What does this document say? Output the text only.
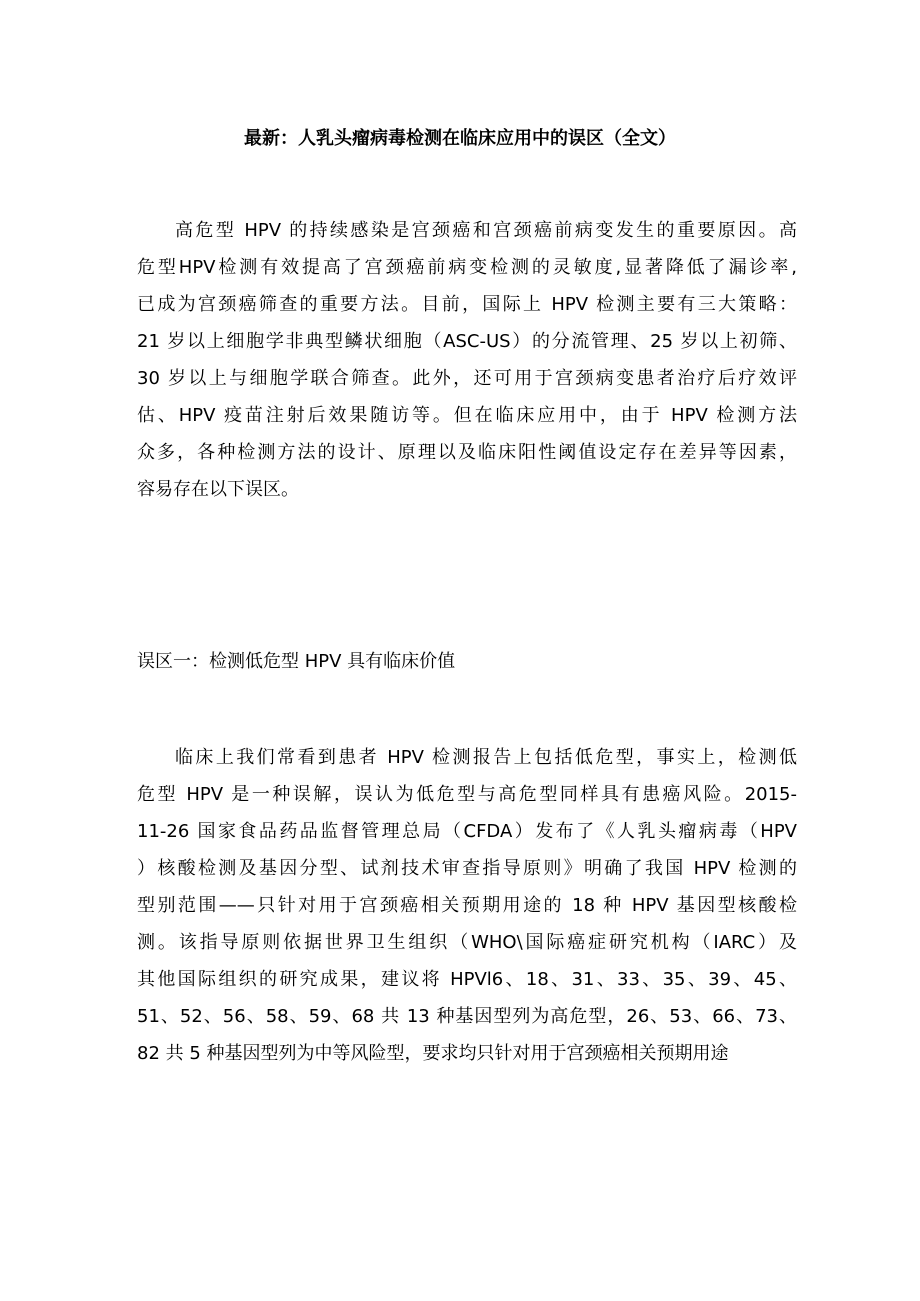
最新：人乳头瘤病毒检测在临床应用中的误区（全文）
高危型 HPV 的持续感染是宫颈癌和宫颈癌前病变发生的重要原因。高
危型HPV检测有效提高了宫颈癌前病变检测的灵敏度,显著降低了漏诊率,
已成为宫颈癌筛查的重要方法。目前，国际上 HPV 检测主要有三大策略：
21 岁以上细胞学非典型鳞状细胞（ASC-US）的分流管理、25 岁以上初筛、
30 岁以上与细胞学联合筛查。此外，还可用于宫颈病变患者治疗后疗效评
估、HPV 疫苗注射后效果随访等。但在临床应用中，由于 HPV 检测方法
众多，各种检测方法的设计、原理以及临床阳性阈值设定存在差异等因素，
容易存在以下误区。
误区一：检测低危型 HPV 具有临床价值
临床上我们常看到患者 HPV 检测报告上包括低危型，事实上，检测低
危型 HPV 是一种误解，误认为低危型与高危型同样具有患癌风险。2015-
11-26 国家食品药品监督管理总局（CFDA）发布了《人乳头瘤病毒（HPV
）核酸检测及基因分型、试剂技术审查指导原则》明确了我国 HPV 检测的
型别范围——只针对用于宫颈癌相关预期用途的 18 种 HPV 基因型核酸检
测。该指导原则依据世界卫生组织（WHO\国际癌症研究机构（IARC）及
其他国际组织的研究成果，建议将 HPVl6、18、31、33、35、39、45、
51、52、56、58、59、68 共 13 种基因型列为高危型，26、53、66、73、
82 共 5 种基因型列为中等风险型，要求均只针对用于宫颈癌相关预期用途
